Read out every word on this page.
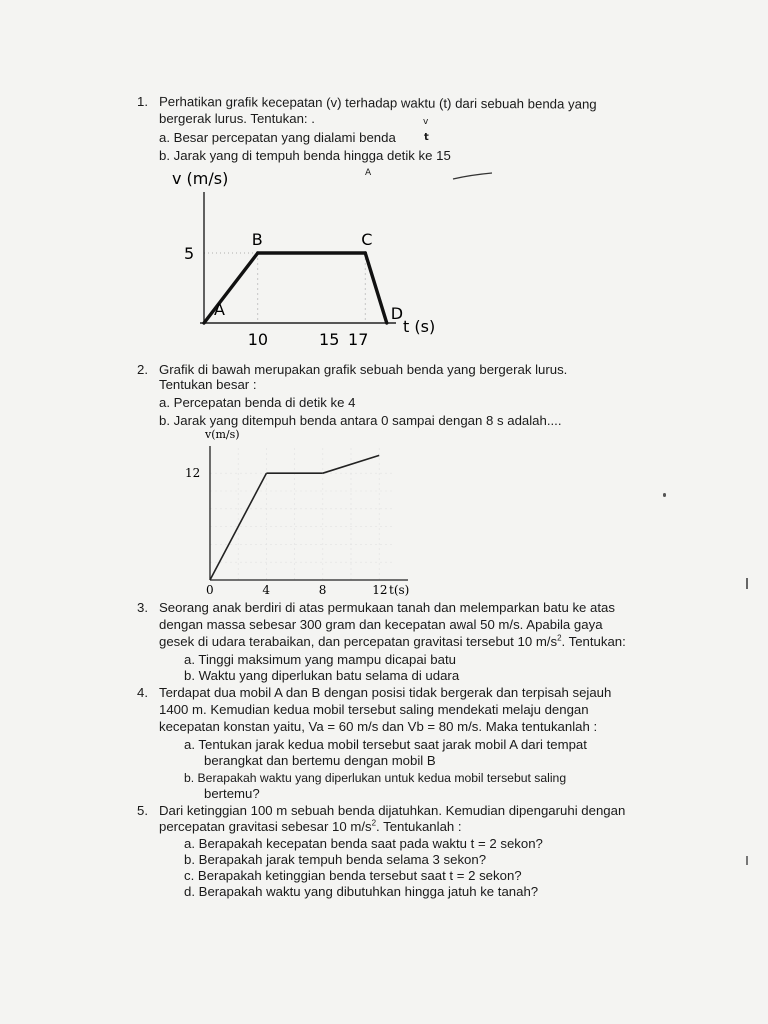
1. Perhatikan grafik kecepatan (v) terhadap waktu (t) dari sebuah benda yang
bergerak lurus. Tentukan: .
a. Besar percepatan yang dialami benda
b. Jarak yang di tempuh benda hingga detik ke 15
v
t
A
A
B	C
D
5
10	15 17
v (m/s)
t (s)
2. Grafik di bawah merupakan grafik sebuah benda yang bergerak lurus.
Tentukan besar :
a. Percepatan benda di detik ke 4
b. Jarak yang ditempuh benda antara 0 sampai dengan 8 s adalah....
12
0	4	8	12
v(m/s)
t(s)
3. Seorang anak berdiri di atas permukaan tanah dan melemparkan batu ke atas
dengan massa sebesar 300 gram dan kecepatan awal 50 m/s. Apabila gaya
gesek di udara terabaikan, dan percepatan gravitasi tersebut 10 $m/s^2$. Tentukan:
a. Tinggi maksimum yang mampu dicapai batu
b. Waktu yang diperlukan batu selama di udara
4. Terdapat dua mobil A dan B dengan posisi tidak bergerak dan terpisah sejauh
1400 m. Kemudian kedua mobil tersebut saling mendekati melaju dengan
kecepatan konstan yaitu, Va = 60 m/s dan Vb = 80 m/s. Maka tentukanlah :
a. Tentukan jarak kedua mobil tersebut saat jarak mobil A dari tempat
berangkat dan bertemu dengan mobil B
b. Berapakah waktu yang diperlukan untuk kedua mobil tersebut saling
bertemu?
5. Dari ketinggian 100 m sebuah benda dijatuhkan. Kemudian dipengaruhi dengan
percepatan gravitasi sebesar 10 $m/s^2$. Tentukanlah :
a. Berapakah kecepatan benda saat pada waktu t = 2 sekon?
b. Berapakah jarak tempuh benda selama 3 sekon?
c. Berapakah ketinggian benda tersebut saat t = 2 sekon?
d. Berapakah waktu yang dibutuhkan hingga jatuh ke tanah?
